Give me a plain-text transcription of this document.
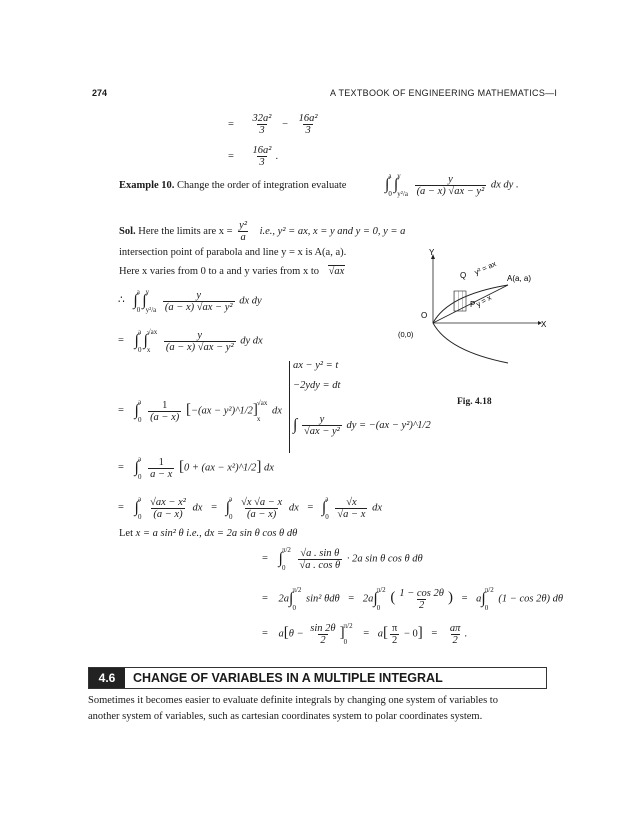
274	A TEXTBOOK OF ENGINEERING MATHEMATICS—I
= $\frac{\text{32a²}}{3} - \frac{\text{16a²}}{3}$
= $\frac{\text{16a²}}{3}$ .
Example 10. Change the order of integration evaluate ∫ a
0
∫ y
y²/a
$\frac{y}{\text{(a − x) √ax − y²}}$ dx dy .
Sol. Here the limits are $x = \frac{\text{y²}}{a} i.e$., y² = ax, x = y and y = 0, y = a
intersection point of parabola and line y = x is A(a, a).
Here x varies from 0 to a and y varies from x to √ax
∴ ∫ a
0
∫ y
y²/a
$\frac{y}{\text{(a − x) √ax − y²}}$ dx dy
= ∫ a
0
∫ √ax
x
	$\frac{y}{\text{(a − x) √ax − y²}}$ dy dx
ax − y² = t
−2ydy = dt
∫ $\frac{y}{\text{√ax − y²}}$ dy = −(ax − y²)^1/2
= ∫ a
0
$\frac{1}{(a - x)} [-(ax$ − y²)^1/2] √ax
x
dx
= ∫ a
0
$\frac{1}{a - x} [0 + (ax$ − x²)^1/2] dx
= ∫ a
0
$\frac{\text{√ax − x²}}{(a - x)}$ dx = ∫ a
0
$\frac{√x √a - x}{(a - x)}$ dx = ∫ a
0
$\frac{√x}{√a - x}$ dx
Let x = a sin² θ i.e., dx = 2a sin θ cos θ dθ
= ∫ π/2
0
	$\frac{\text{√a . sin θ}}{\text{√a . cos θ}} \cdot 2a$ sin θ cos θ dθ
= 2a∫ π/2
0
sin² θdθ = 2a∫ π/2
0
( $\frac{1 - \cos 2\theta}{2}$ ) = a∫ π/2
0
(1 − cos 2θ) dθ
= $a[\theta - \frac{\sin 2\theta}{2}$ ] π/2
0
= $a[ \frac{\pi}{2} - 0] = \frac{a\pi}{2}$ .
O
(0,0)
X
Y
Q
P
A(a, a)
y² = ax
y = x
Fig. 4.18
4.6	CHANGE OF VARIABLES IN A MULTIPLE INTEGRAL
Sometimes it becomes easier to evaluate definite integrals by changing one system of variables to
another system of variables, such as cartesian coordinates system to polar coordinates system.
